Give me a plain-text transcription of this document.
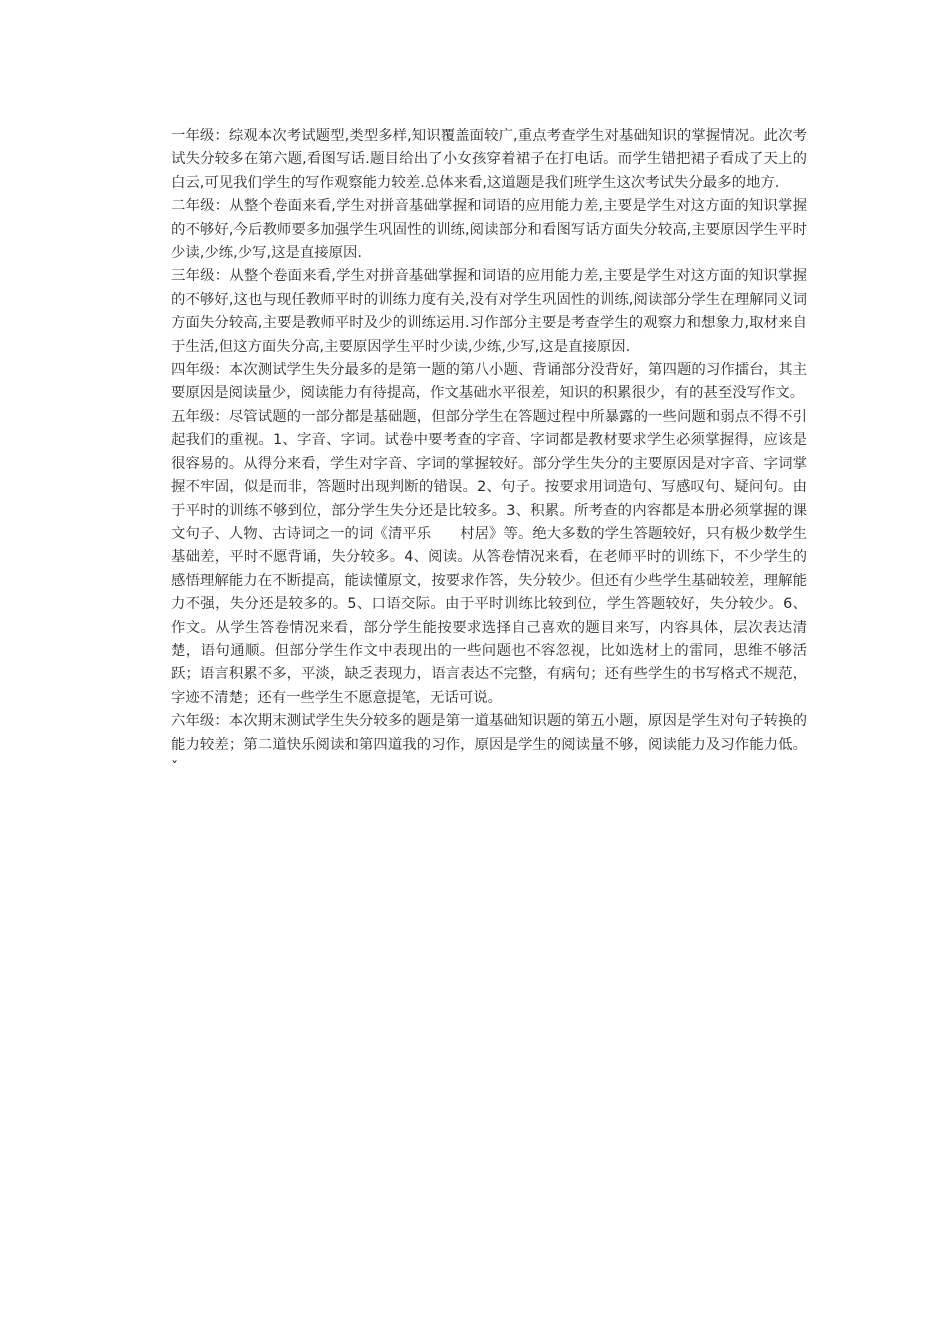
一年级：综观本次考试题型,类型多样,知识覆盖面较广,重点考查学生对基础知识的掌握情况。此次考试失分较多在第六题,看图写话.题目给出了小女孩穿着裙子在打电话。而学生错把裙子看成了天上的白云,可见我们学生的写作观察能力较差.总体来看,这道题是我们班学生这次考试失分最多的地方.

二年级：从整个卷面来看,学生对拼音基础掌握和词语的应用能力差,主要是学生对这方面的知识掌握的不够好,今后教师要多加强学生巩固性的训练,阅读部分和看图写话方面失分较高,主要原因学生平时少读,少练,少写,这是直接原因.

三年级：从整个卷面来看,学生对拼音基础掌握和词语的应用能力差,主要是学生对这方面的知识掌握的不够好,这也与现任教师平时的训练力度有关,没有对学生巩固性的训练,阅读部分学生在理解同义词方面失分较高,主要是教师平时及少的训练运用.习作部分主要是考查学生的观察力和想象力,取材来自于生活,但这方面失分高,主要原因学生平时少读,少练,少写,这是直接原因.

四年级：本次测试学生失分最多的是第一题的第八小题、背诵部分没背好，第四题的习作擂台，其主要原因是阅读量少，阅读能力有待提高，作文基础水平很差，知识的积累很少，有的甚至没写作文。

五年级：尽管试题的一部分都是基础题，但部分学生在答题过程中所暴露的一些问题和弱点不得不引起我们的重视。1、字音、字词。试卷中要考查的字音、字词都是教材要求学生必须掌握得，应该是很容易的。从得分来看，学生对字音、字词的掌握较好。部分学生失分的主要原因是对字音、字词掌握不牢固，似是而非，答题时出现判断的错误。2、句子。按要求用词造句、写感叹句、疑问句。由于平时的训练不够到位，部分学生失分还是比较多。3、积累。所考查的内容都是本册必须掌握的课文句子、人物、古诗词之一的词《清平乐　　村居》等。绝大多数的学生答题较好，只有极少数学生基础差，平时不愿背诵，失分较多。4、阅读。从答卷情况来看，在老师平时的训练下，不少学生的感悟理解能力在不断提高，能读懂原文，按要求作答，失分较少。但还有少些学生基础较差，理解能力不强，失分还是较多的。5、口语交际。由于平时训练比较到位，学生答题较好，失分较少。6、作文。从学生答卷情况来看，部分学生能按要求选择自己喜欢的题目来写，内容具体，层次表达清楚，语句通顺。但部分学生作文中表现出的一些问题也不容忽视，比如选材上的雷同，思维不够活跃；语言积累不多，平淡，缺乏表现力，语言表达不完整，有病句；还有些学生的书写格式不规范，字迹不清楚；还有一些学生不愿意提笔，无话可说。

六年级：本次期末测试学生失分较多的题是第一道基础知识题的第五小题，原因是学生对句子转换的能力较差；第二道快乐阅读和第四道我的习作，原因是学生的阅读量不够，阅读能力及习作能力低。 ˇ
